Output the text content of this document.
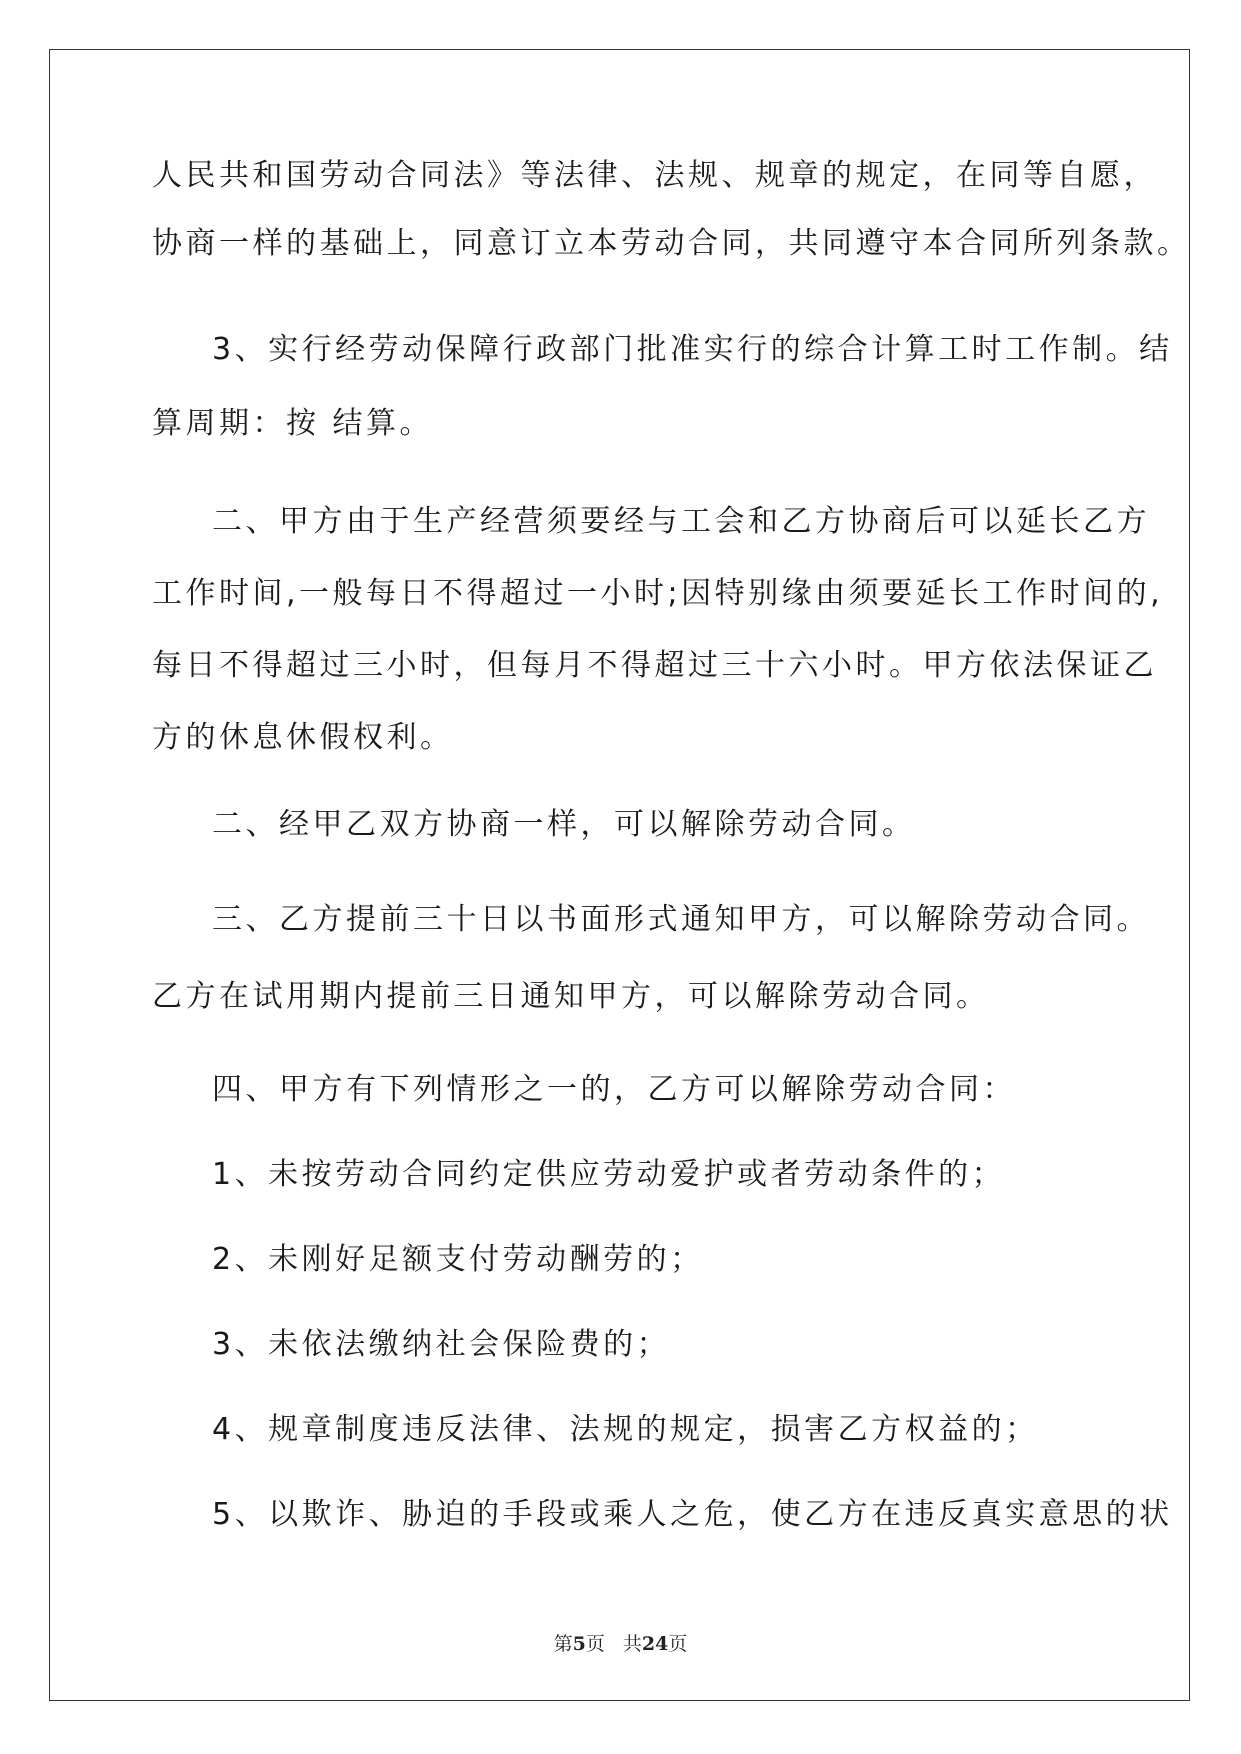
人民共和国劳动合同法》等法律、法规、规章的规定，在同等自愿，
协商一样的基础上，同意订立本劳动合同，共同遵守本合同所列条款。
3、实行经劳动保障行政部门批准实行的综合计算工时工作制。结
算周期：按 结算。
二、甲方由于生产经营须要经与工会和乙方协商后可以延长乙方
工作时间,一般每日不得超过一小时;因特别缘由须要延长工作时间的,
每日不得超过三小时，但每月不得超过三十六小时。甲方依法保证乙
方的休息休假权利。
二、经甲乙双方协商一样，可以解除劳动合同。
三、乙方提前三十日以书面形式通知甲方，可以解除劳动合同。
乙方在试用期内提前三日通知甲方，可以解除劳动合同。
四、甲方有下列情形之一的，乙方可以解除劳动合同：
1、未按劳动合同约定供应劳动爱护或者劳动条件的；
2、未刚好足额支付劳动酬劳的；
3、未依法缴纳社会保险费的；
4、规章制度违反法律、法规的规定，损害乙方权益的；
5、以欺诈、胁迫的手段或乘人之危，使乙方在违反真实意思的状
第5页 共24页
